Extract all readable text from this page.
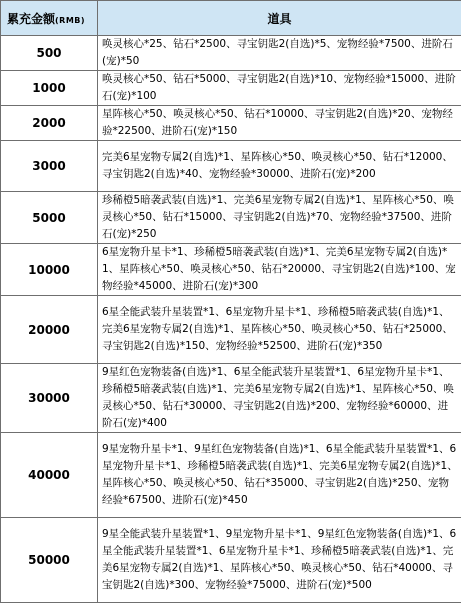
累充金额(RMB)	道具
500	唤灵核心*25、钻石*2500、寻宝钥匙2(自选)*5、宠物经验*7500、进阶石(宠)*50
1000	唤灵核心*50、钻石*5000、寻宝钥匙2(自选)*10、宠物经验*15000、进阶石(宠)*100
2000	星阵核心*50、唤灵核心*50、钻石*10000、寻宝钥匙2(自选)*20、宠物经验*22500、进阶石(宠)*150
3000	完美6星宠物专属2(自选)*1、星阵核心*50、唤灵核心*50、钻石*12000、寻宝钥匙2(自选)*40、宠物经验*30000、进阶石(宠)*200
5000	珍稀橙5暗袭武装(自选)*1、完美6星宠物专属2(自选)*1、星阵核心*50、唤灵核心*50、钻石*15000、寻宝钥匙2(自选)*70、宠物经验*37500、进阶石(宠)*250
10000	6星宠物升星卡*1、珍稀橙5暗袭武装(自选)*1、完美6星宠物专属2(自选)*1、星阵核心*50、唤灵核心*50、钻石*20000、寻宝钥匙2(自选)*100、宠物经验*45000、进阶石(宠)*300
20000	6星全能武装升星装置*1、6星宠物升星卡*1、珍稀橙5暗袭武装(自选)*1、完美6星宠物专属2(自选)*1、星阵核心*50、唤灵核心*50、钻石*25000、寻宝钥匙2(自选)*150、宠物经验*52500、进阶石(宠)*350
30000	9星红色宠物装备(自选)*1、6星全能武装升星装置*1、6星宠物升星卡*1、珍稀橙5暗袭武装(自选)*1、完美6星宠物专属2(自选)*1、星阵核心*50、唤灵核心*50、钻石*30000、寻宝钥匙2(自选)*200、宠物经验*60000、进阶石(宠)*400
40000	9星宠物升星卡*1、9星红色宠物装备(自选)*1、6星全能武装升星装置*1、6星宠物升星卡*1、珍稀橙5暗袭武装(自选)*1、完美6星宠物专属2(自选)*1、星阵核心*50、唤灵核心*50、钻石*35000、寻宝钥匙2(自选)*250、宠物经验*67500、进阶石(宠)*450
50000	9星全能武装升星装置*1、9星宠物升星卡*1、9星红色宠物装备(自选)*1、6星全能武装升星装置*1、6星宠物升星卡*1、珍稀橙5暗袭武装(自选)*1、完美6星宠物专属2(自选)*1、星阵核心*50、唤灵核心*50、钻石*40000、寻宝钥匙2(自选)*300、宠物经验*75000、进阶石(宠)*500
